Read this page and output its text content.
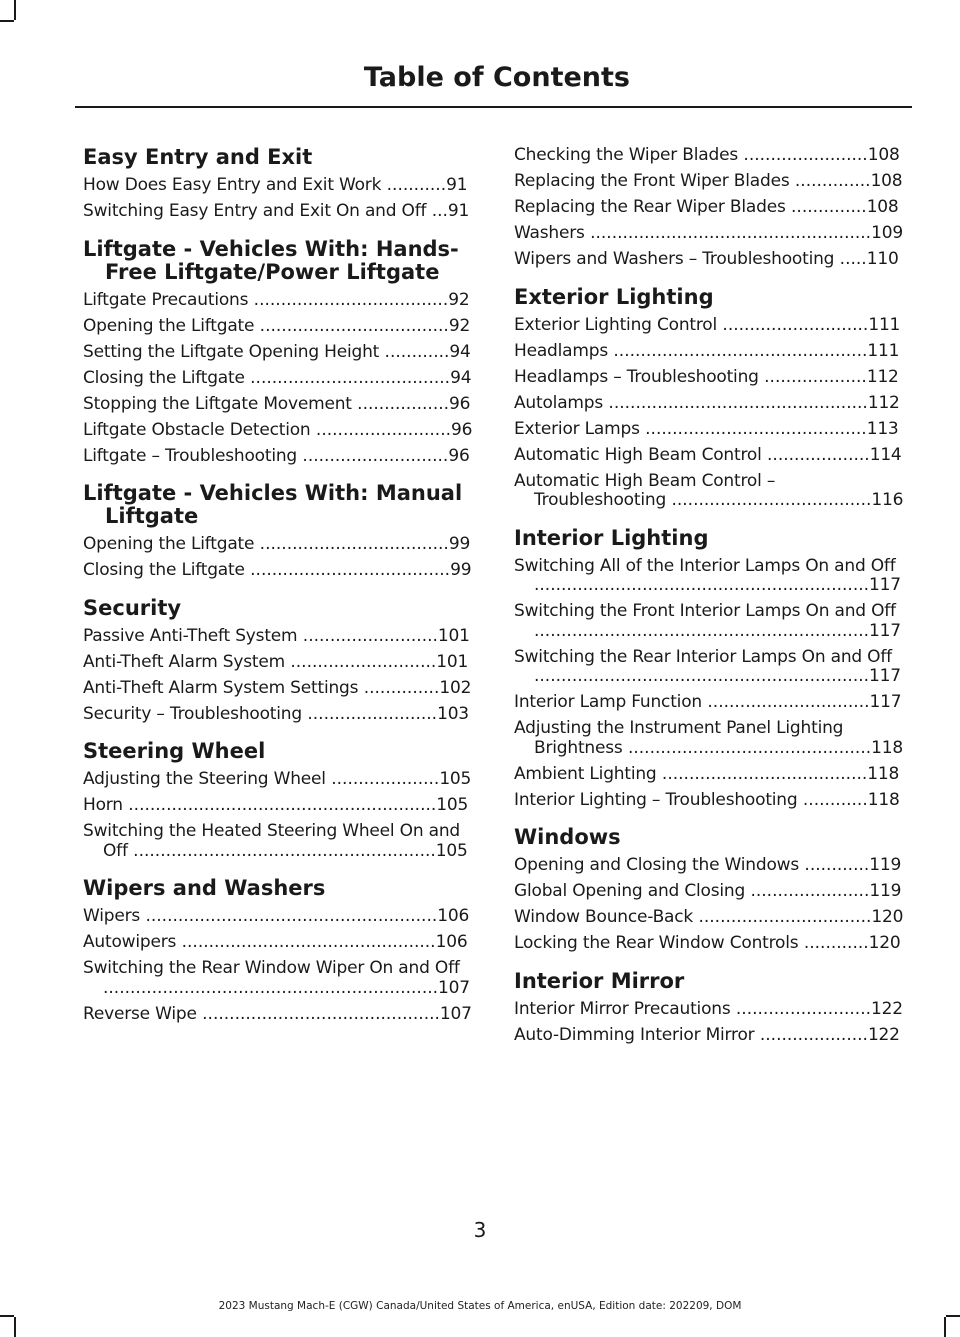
Table of Contents
Easy Entry and Exit
How Does Easy Entry and Exit Work ...........91
Switching Easy Entry and Exit On and Off ...91
Liftgate - Vehicles With: Hands-Free Liftgate/Power Liftgate
Liftgate Precautions ....................................92
Opening the Liftgate ...................................92
Setting the Liftgate Opening Height ............94
Closing the Liftgate .....................................94
Stopping the Liftgate Movement .................96
Liftgate Obstacle Detection .........................96
Liftgate – Troubleshooting ...........................96
Liftgate - Vehicles With: Manual Liftgate
Opening the Liftgate ...................................99
Closing the Liftgate .....................................99
Security
Passive Anti-Theft System .........................101
Anti-Theft Alarm System ...........................101
Anti-Theft Alarm System Settings ..............102
Security – Troubleshooting ........................103
Steering Wheel
Adjusting the Steering Wheel ....................105
Horn .........................................................105
Switching the Heated Steering Wheel On and Off ........................................................105
Wipers and Washers
Wipers ......................................................106
Autowipers ...............................................106
Switching the Rear Window Wiper On and Off ..............................................................107
Reverse Wipe ............................................107
Checking the Wiper Blades .......................108
Replacing the Front Wiper Blades ..............108
Replacing the Rear Wiper Blades ..............108
Washers ....................................................109
Wipers and Washers – Troubleshooting .....110
Exterior Lighting
Exterior Lighting Control ...........................111
Headlamps ...............................................111
Headlamps – Troubleshooting ...................112
Autolamps ................................................112
Exterior Lamps .........................................113
Automatic High Beam Control ...................114
Automatic High Beam Control – Troubleshooting .....................................116
Interior Lighting
Switching All of the Interior Lamps On and Off ..............................................................117
Switching the Front Interior Lamps On and Off ..............................................................117
Switching the Rear Interior Lamps On and Off ..............................................................117
Interior Lamp Function ..............................117
Adjusting the Instrument Panel Lighting Brightness .............................................118
Ambient Lighting ......................................118
Interior Lighting – Troubleshooting ............118
Windows
Opening and Closing the Windows ............119
Global Opening and Closing ......................119
Window Bounce-Back ................................120
Locking the Rear Window Controls ............120
Interior Mirror
Interior Mirror Precautions .........................122
Auto-Dimming Interior Mirror ....................122
3
2023 Mustang Mach-E (CGW) Canada/United States of America, enUSA, Edition date: 202209, DOM
